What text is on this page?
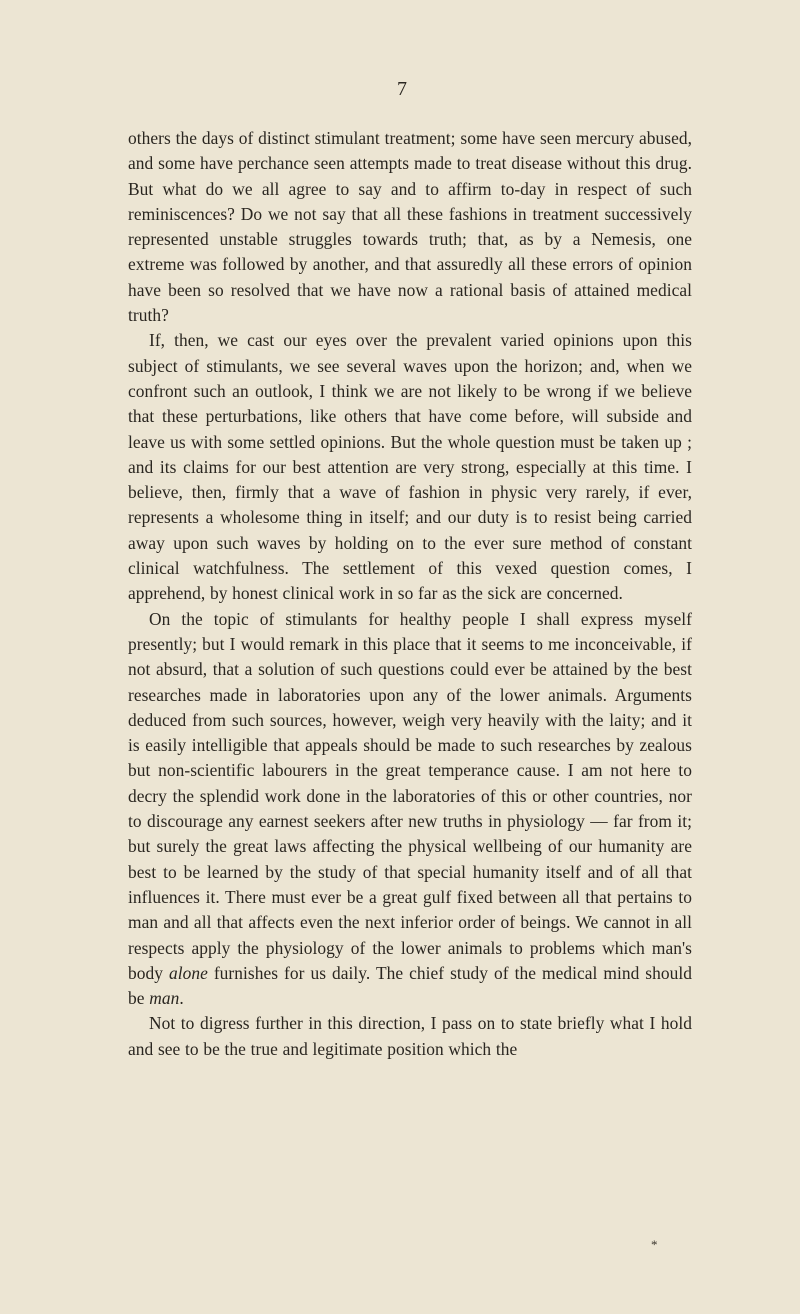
7

others the days of distinct stimulant treatment; some have seen mercury abused, and some have perchance seen attempts made to treat disease without this drug. But what do we all agree to say and to affirm to-day in respect of such reminiscences? Do we not say that all these fashions in treatment successively represented unstable struggles towards truth; that, as by a Nemesis, one extreme was followed by another, and that assuredly all these errors of opinion have been so resolved that we have now a rational basis of attained medical truth?

If, then, we cast our eyes over the prevalent varied opinions upon this subject of stimulants, we see several waves upon the horizon; and, when we confront such an outlook, I think we are not likely to be wrong if we believe that these perturbations, like others that have come before, will subside and leave us with some settled opinions. But the whole question must be taken up ; and its claims for our best attention are very strong, especially at this time. I believe, then, firmly that a wave of fashion in physic very rarely, if ever, represents a wholesome thing in itself; and our duty is to resist being carried away upon such waves by holding on to the ever sure method of constant clinical watchfulness. The settlement of this vexed question comes, I apprehend, by honest clinical work in so far as the sick are concerned.

On the topic of stimulants for healthy people I shall express myself presently; but I would remark in this place that it seems to me inconceivable, if not absurd, that a solution of such questions could ever be attained by the best researches made in laboratories upon any of the lower animals. Arguments deduced from such sources, however, weigh very heavily with the laity; and it is easily intelligible that appeals should be made to such researches by zealous but non-scientific labourers in the great temperance cause. I am not here to decry the splendid work done in the laboratories of this or other countries, nor to discourage any earnest seekers after new truths in physiology — far from it; but surely the great laws affecting the physical wellbeing of our humanity are best to be learned by the study of that special humanity itself and of all that influences it. There must ever be a great gulf fixed between all that pertains to man and all that affects even the next inferior order of beings. We cannot in all respects apply the physiology of the lower animals to problems which man's body alone furnishes for us daily. The chief study of the medical mind should be man.

Not to digress further in this direction, I pass on to state briefly what I hold and see to be the true and legitimate position which the

*
